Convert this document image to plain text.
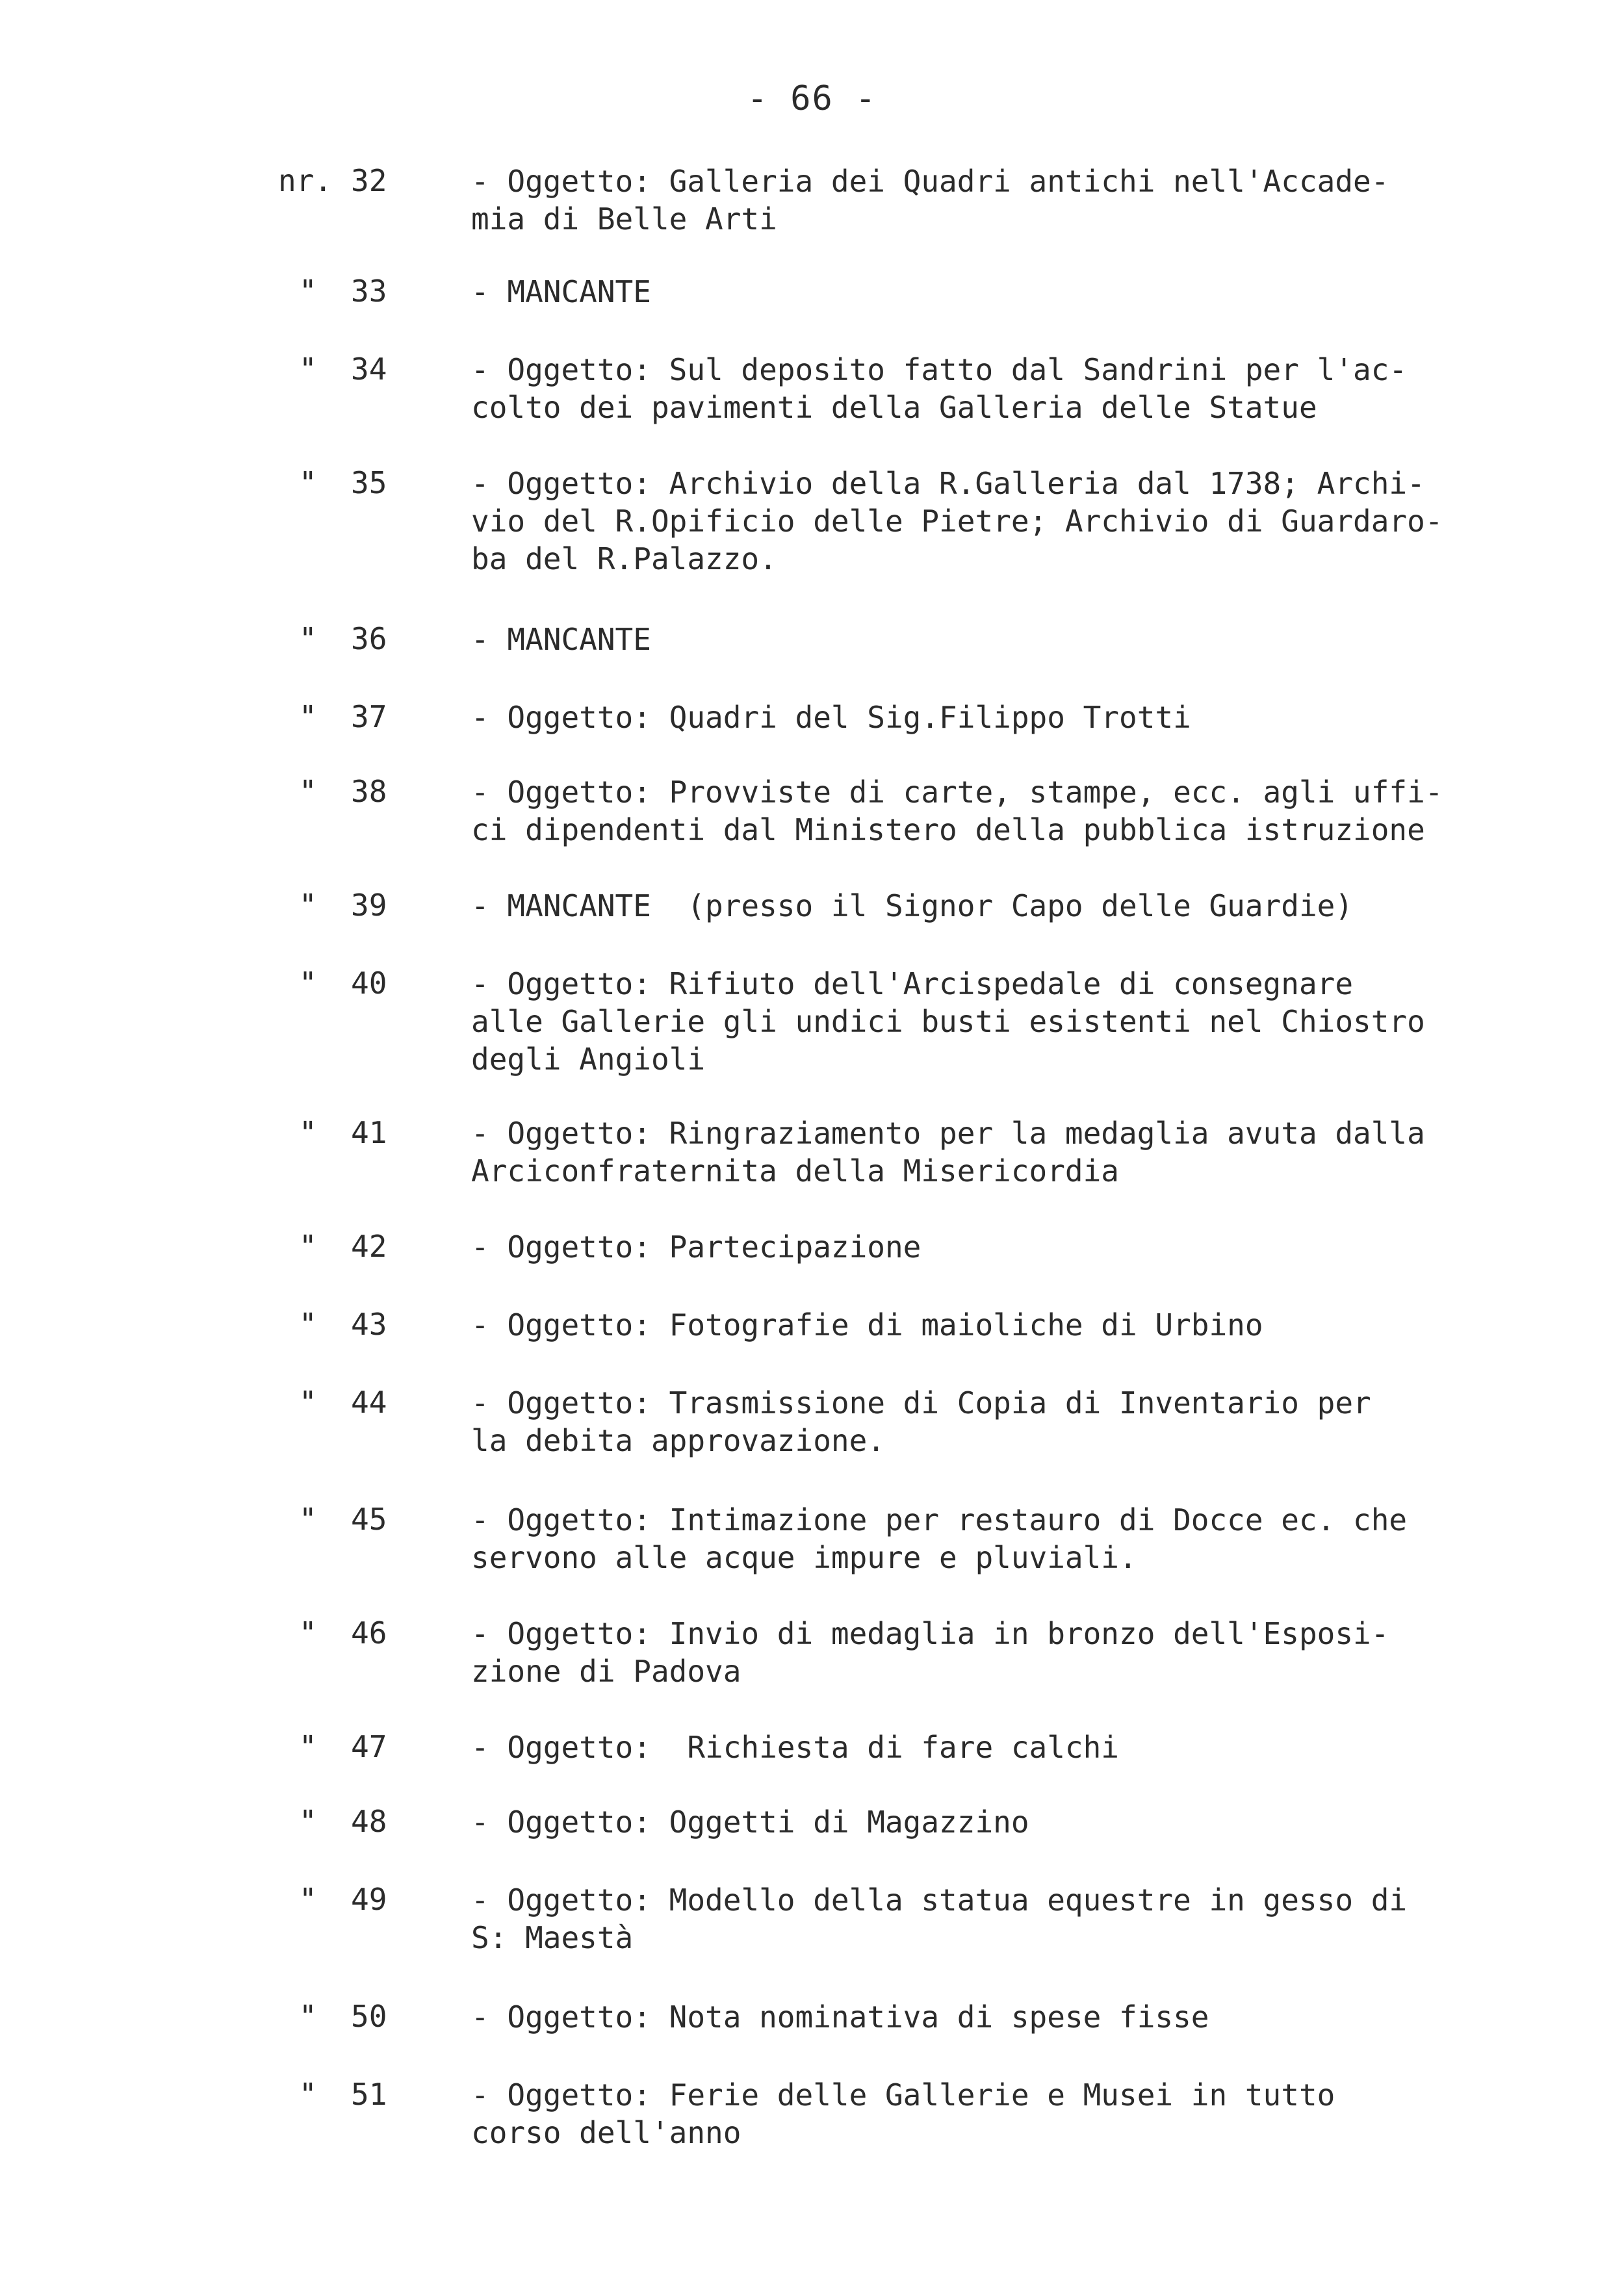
- 66 -
nr. 32	- Oggetto: Galleria dei Quadri antichi nell'Accade-
mia di Belle Arti
" 33	- MANCANTE
" 34	- Oggetto: Sul deposito fatto dal Sandrini per l'ac-
colto dei pavimenti della Galleria delle Statue
" 35	- Oggetto: Archivio della R.Galleria dal 1738; Archi-
vio del R.Opificio delle Pietre; Archivio di Guardaro-
ba del R.Palazzo.
" 36	- MANCANTE
" 37	- Oggetto: Quadri del Sig.Filippo Trotti
" 38	- Oggetto: Provviste di carte, stampe, ecc. agli uffi-
ci dipendenti dal Ministero della pubblica istruzione
" 39	- MANCANTE  (presso il Signor Capo delle Guardie)
" 40	- Oggetto: Rifiuto dell'Arcispedale di consegnare
alle Gallerie gli undici busti esistenti nel Chiostro
degli Angioli
" 41	- Oggetto: Ringraziamento per la medaglia avuta dalla
Arciconfraternita della Misericordia
" 42	- Oggetto: Partecipazione
" 43	- Oggetto: Fotografie di maioliche di Urbino
" 44	- Oggetto: Trasmissione di Copia di Inventario per
la debita approvazione.
" 45	- Oggetto: Intimazione per restauro di Docce ec. che
servono alle acque impure e pluviali.
" 46	- Oggetto: Invio di medaglia in bronzo dell'Esposi-
zione di Padova
" 47	- Oggetto:  Richiesta di fare calchi
" 48	- Oggetto: Oggetti di Magazzino
" 49	- Oggetto: Modello della statua equestre in gesso di
S: Maestà
" 50	- Oggetto: Nota nominativa di spese fisse
" 51	- Oggetto: Ferie delle Gallerie e Musei in tutto
corso dell'anno
